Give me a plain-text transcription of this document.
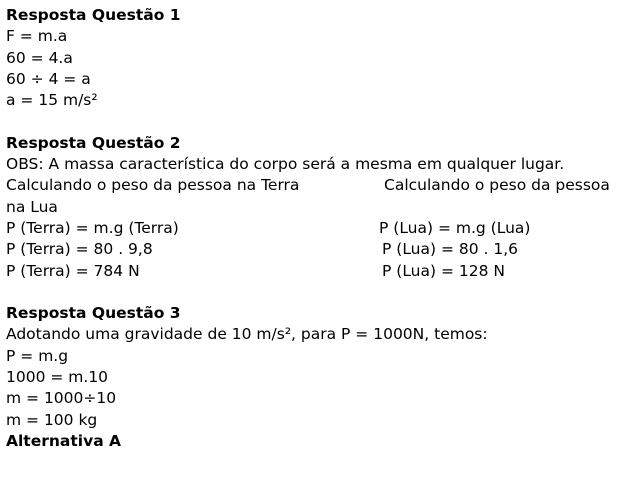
Resposta Questão 1
F = m.a
60 = 4.a
60 ÷ 4 = a
a = 15 m/s²
Resposta Questão 2
OBS: A massa característica do corpo será a mesma em qualquer lugar.
Calculando o peso da pessoa na Terra	Calculando o peso da pessoa
na Lua
P (Terra) = m.g (Terra)	P (Lua) = m.g (Lua)
P (Terra) = 80 . 9,8	P (Lua) = 80 . 1,6
P (Terra) = 784 N	P (Lua) = 128 N
Resposta Questão 3
Adotando uma gravidade de 10 m/s², para P = 1000N, temos:
P = m.g
1000 = m.10
m = 1000÷10
m = 100 kg
Alternativa A
